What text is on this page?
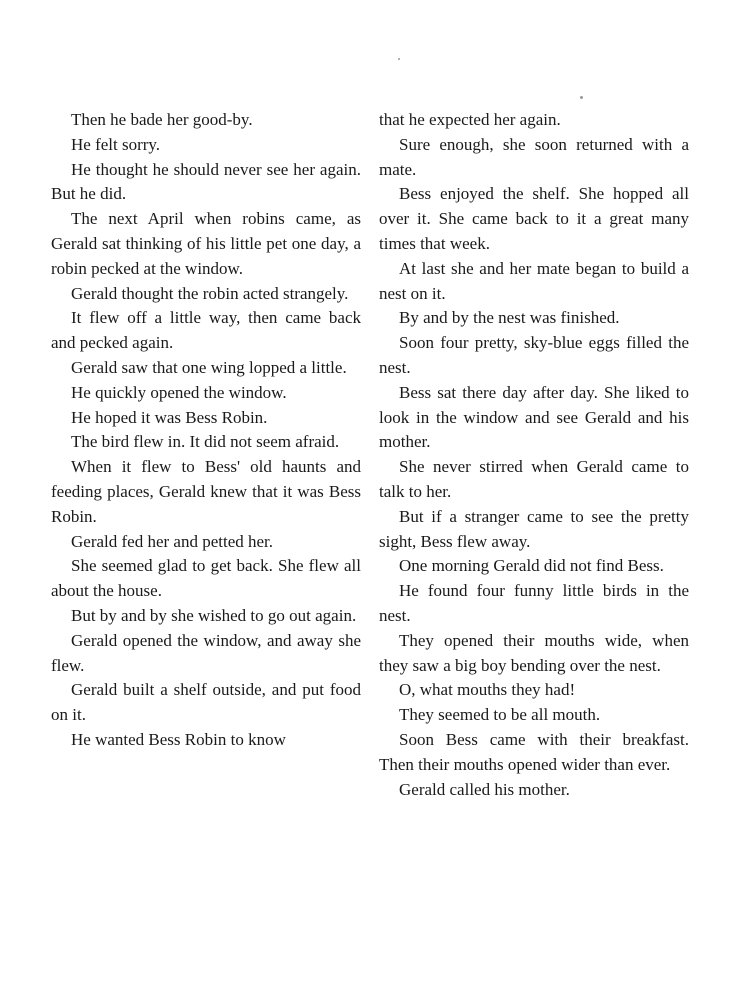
Then he bade her good-by.

He felt sorry.

He thought he should never see her again. But he did.

The next April when robins came, as Gerald sat thinking of his little pet one day, a robin pecked at the window.

Gerald thought the robin acted strangely.

It flew off a little way, then came back and pecked again.

Gerald saw that one wing lopped a little.

He quickly opened the window.

He hoped it was Bess Robin.

The bird flew in. It did not seem afraid.

When it flew to Bess' old haunts and feeding places, Gerald knew that it was Bess Robin.

Gerald fed her and petted her.

She seemed glad to get back. She flew all about the house.

But by and by she wished to go out again.

Gerald opened the window, and away she flew.

Gerald built a shelf outside, and put food on it.

He wanted Bess Robin to know

that he expected her again.

Sure enough, she soon returned with a mate.

Bess enjoyed the shelf. She hopped all over it. She came back to it a great many times that week.

At last she and her mate began to build a nest on it.

By and by the nest was finished.

Soon four pretty, sky-blue eggs filled the nest.

Bess sat there day after day. She liked to look in the window and see Gerald and his mother.

She never stirred when Gerald came to talk to her.

But if a stranger came to see the pretty sight, Bess flew away.

One morning Gerald did not find Bess.

He found four funny little birds in the nest.

They opened their mouths wide, when they saw a big boy bending over the nest.

O, what mouths they had!

They seemed to be all mouth.

Soon Bess came with their breakfast. Then their mouths opened wider than ever.

Gerald called his mother.
